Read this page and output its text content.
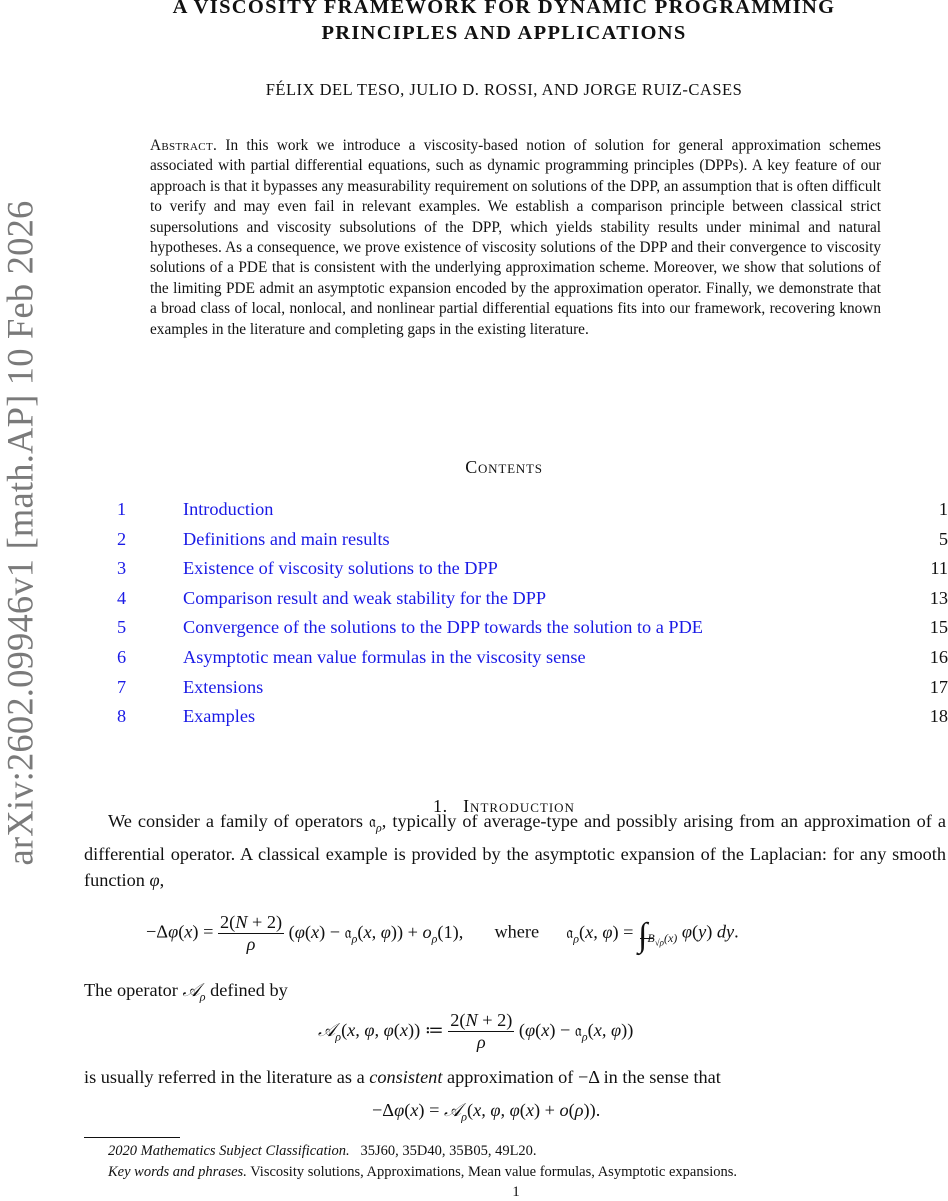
arXiv:2602.09946v1 [math.AP] 10 Feb 2026
A VISCOSITY FRAMEWORK FOR DYNAMIC PROGRAMMING
PRINCIPLES AND APPLICATIONS
FÉLIX DEL TESO, JULIO D. ROSSI, AND JORGE RUIZ-CASES

Abstract. In this work we introduce a viscosity-based notion of solution for general approximation schemes associated with partial differential equations, such as dynamic programming principles (DPPs). A key feature of our approach is that it bypasses any measurability requirement on solutions of the DPP, an assumption that is often difficult to verify and may even fail in relevant examples. We establish a comparison principle between classical strict supersolutions and viscosity subsolutions of the DPP, which yields stability results under minimal and natural hypotheses. As a consequence, we prove existence of viscosity solutions of the DPP and their convergence to viscosity solutions of a PDE that is consistent with the underlying approximation scheme. Moreover, we show that solutions of the limiting PDE admit an asymptotic expansion encoded by the approximation operator. Finally, we demonstrate that a broad class of local, nonlocal, and nonlinear partial differential equations fits into our framework, recovering known examples in the literature and completing gaps in the existing literature.

Contents
1	Introduction	1
2	Definitions and main results	5
3	Existence of viscosity solutions to the DPP	11
4	Comparison result and weak stability for the DPP	13
5	Convergence of the solutions to the DPP towards the solution to a PDE	15
6	Asymptotic mean value formulas in the viscosity sense	16
7	Extensions	17
8	Examples	18
1. Introduction

We consider a family of operators 𝔞$_\rho$, typically of average-type and possibly arising from an approximation of a differential operator. A classical example is provided by the asymptotic expansion of the Laplacian: for any smooth function φ,

$-\Delta\varphi(x) = \frac{2(N + 2)}{\rho} (\varphi(x)$ − 𝔞$_\rho$(x, $\varphi)) + o_\rho(1)$, where 𝔞$_\rho$(x, φ) = ∫
$_{B_{√\rho}(x)}$ φ(y) dy.
The operator 𝒜$_\rho$ defined by
𝒜$_\rho$(x, φ, φ(x)) ≔ $\frac{2(N + 2)}{\rho} (\varphi(x)$ − 𝔞$_\rho$(x, φ))
is usually referred in the literature as a consistent approximation of −Δ in the sense that
−Δφ(x) = 𝒜$_\rho$(x, φ, φ(x) + o(ρ)).
2020 Mathematics Subject Classification. 35J60, 35D40, 35B05, 49L20.
Key words and phrases. Viscosity solutions, Approximations, Mean value formulas, Asymptotic expansions.
1
